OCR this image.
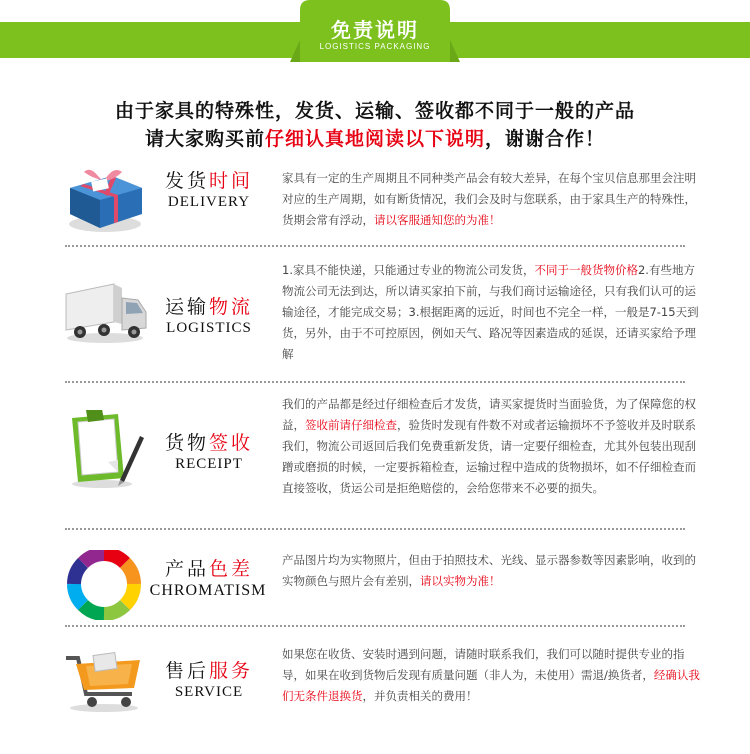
免责说明
LOGISTICS PACKAGING
由于家具的特殊性，发货、运输、签收都不同于一般的产品
请大家购买前仔细认真地阅读以下说明，谢谢合作！
发货时间
DELIVERY
家具有一定的生产周期且不同种类产品会有较大差异，在每个宝贝信息那里会注明对应的生产周期，如有断货情况，我们会及时与您联系，由于家具生产的特殊性，货期会常有浮动，请以客服通知您的为准！
运输物流
LOGISTICS
1.家具不能快递，只能通过专业的物流公司发货，不同于一般货物价格2.有些地方物流公司无法到达，所以请买家拍下前，与我们商讨运输途径，只有我们认可的运输途径，才能完成交易；3.根据距离的远近，时间也不完全一样，一般是7-15天到货，另外，由于不可控原因，例如天气、路况等因素造成的延误，还请买家给予理解
货物签收
RECEIPT
我们的产品都是经过仔细检查后才发货，请买家提货时当面验货，为了保障您的权益，签收前请仔细检查，验货时发现有件数不对或者运输损坏不予签收并及时联系我们，物流公司返回后我们免费重新发货，请一定要仔细检查，尤其外包装出现刮蹭或磨损的时候，一定要拆箱检查，运输过程中造成的货物损坏，如不仔细检查而直接签收，货运公司是拒绝赔偿的，会给您带来不必要的损失。
产品色差
CHROMATISM
产品图片均为实物照片，但由于拍照技术、光线、显示器参数等因素影响，收到的实物颜色与照片会有差别，请以实物为准！
售后服务
SERVICE
如果您在收货、安装时遇到问题，请随时联系我们，我们可以随时提供专业的指导，如果在收到货物后发现有质量问题（非人为，未使用）需退/换货者，经确认我们无条件退换货，并负责相关的费用！
